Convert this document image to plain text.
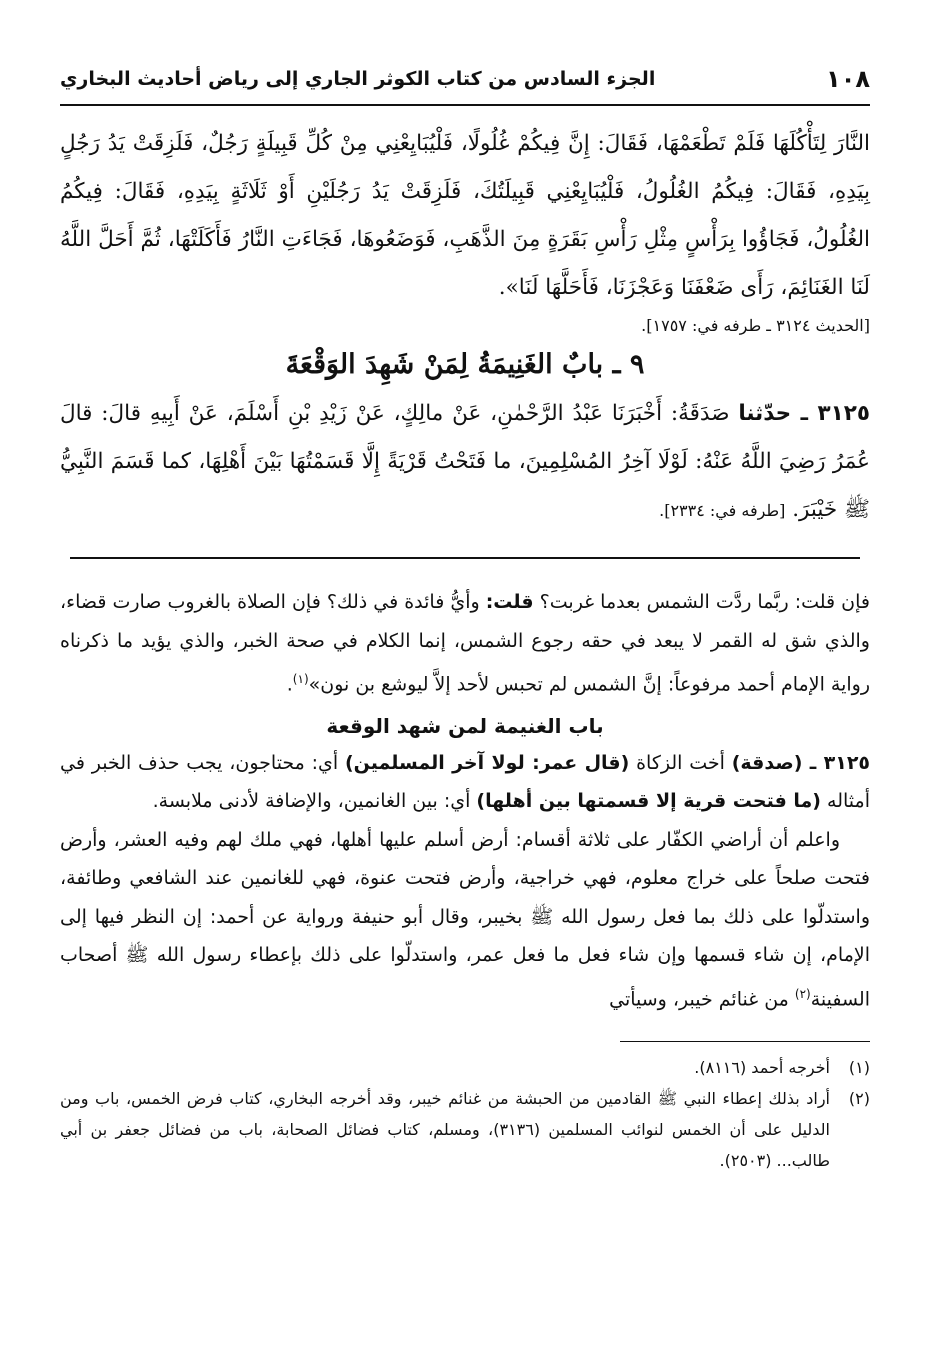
١٠٨
الجزء السادس من كتاب الكوثر الجاري إلى رياض أحاديث البخاري

النَّارَ لِتَأْكُلَهَا فَلَمْ تَطْعَمْهَا، فَقَالَ: إِنَّ فِيكُمْ غُلُولًا، فَلْيُبَايِعْنِي مِنْ كُلِّ قَبِيلَةٍ رَجُلٌ، فَلَزِقَتْ يَدُ رَجُلٍ بِيَدِهِ، فَقَالَ: فِيكُمُ الغُلُولُ، فَلْيُبَايِعْنِي قَبِيلَتُكَ، فَلَزِقَتْ يَدُ رَجُلَيْنِ أَوْ ثَلَاثَةٍ بِيَدِهِ، فَقَالَ: فِيكُمُ الغُلُولُ، فَجَاؤُوا بِرَأْسٍ مِثْلِ رَأْسِ بَقَرَةٍ مِنَ الذَّهَبِ، فَوَضَعُوهَا، فَجَاءَتِ النَّارُ فَأَكَلَتْهَا، ثُمَّ أَحَلَّ اللَّهُ لَنَا الغَنَائِمَ، رَأَى ضَعْفَنَا وَعَجْزَنَا، فَأَحَلَّهَا لَنَا».

[الحديث ٣١٢٤ ـ طرفه في: ١٧٥٧].

٩ ـ بابٌ الغَنِيمَةُ لِمَنْ شَهِدَ الوَقْعَةَ

٣١٢٥ ـ حدّثنا صَدَقَةُ: أَخْبَرَنَا عَبْدُ الرَّحْمٰنِ، عَنْ مالِكٍ، عَنْ زَيْدِ بْنِ أَسْلَمَ، عَنْ أَبِيهِ قالَ: قالَ عُمَرُ رَضِيَ اللَّهُ عَنْهُ: لَوْلَا آخِرُ المُسْلِمِينَ، ما فَتَحْتُ قَرْيَةً إِلَّا قَسَمْتُهَا بَيْنَ أَهْلِهَا، كما قَسَمَ النَّبِيُّ ﷺ خَيْبَرَ. [طرفه في: ٢٣٣٤].

فإن قلت: ربَّما ردَّت الشمس بعدما غربت؟ قلت: وأيُّ فائدة في ذلك؟ فإن الصلاة بالغروب صارت قضاء، والذي شق له القمر لا يبعد في حقه رجوع الشمس، إنما الكلام في صحة الخبر، والذي يؤيد ما ذكرناه رواية الإمام أحمد مرفوعاً: إنَّ الشمس لم تحبس لأحد إلاَّ ليوشع بن نون»$^{(١)}$.

باب الغنيمة لمن شهد الوقعة

٣١٢٥ ـ (صدقة) أخت الزكاة (قال عمر: لولا آخر المسلمين) أي: محتاجون، يجب حذف الخبر في أمثاله (ما فتحت قرية إلا قسمتها بين أهلها) أي: بين الغانمين، والإضافة لأدنى ملابسة.

واعلم أن أراضي الكفّار على ثلاثة أقسام: أرض أسلم عليها أهلها، فهي ملك لهم وفيه العشر، وأرض فتحت صلحاً على خراج معلوم، فهي خراجية، وأرض فتحت عنوة، فهي للغانمين عند الشافعي وطائفة، واستدلّوا على ذلك بما فعل رسول الله ﷺ بخيبر، وقال أبو حنيفة ورواية عن أحمد: إن النظر فيها إلى الإمام، إن شاء قسمها وإن شاء فعل ما فعل عمر، واستدلّوا على ذلك بإعطاء رسول الله ﷺ أصحاب السفينة$^{(٢)}$ من غنائم خيبر، وسيأتي

(١)
أخرجه أحمد (٨١١٦).
(٢)
أراد بذلك إعطاء النبي ﷺ القادمين من الحبشة من غنائم خيبر، وقد أخرجه البخاري، كتاب فرض الخمس، باب ومن الدليل على أن الخمس لنوائب المسلمين (٣١٣٦)، ومسلم، كتاب فضائل الصحابة، باب من فضائل جعفر بن أبي طالب... (٢٥٠٣).
